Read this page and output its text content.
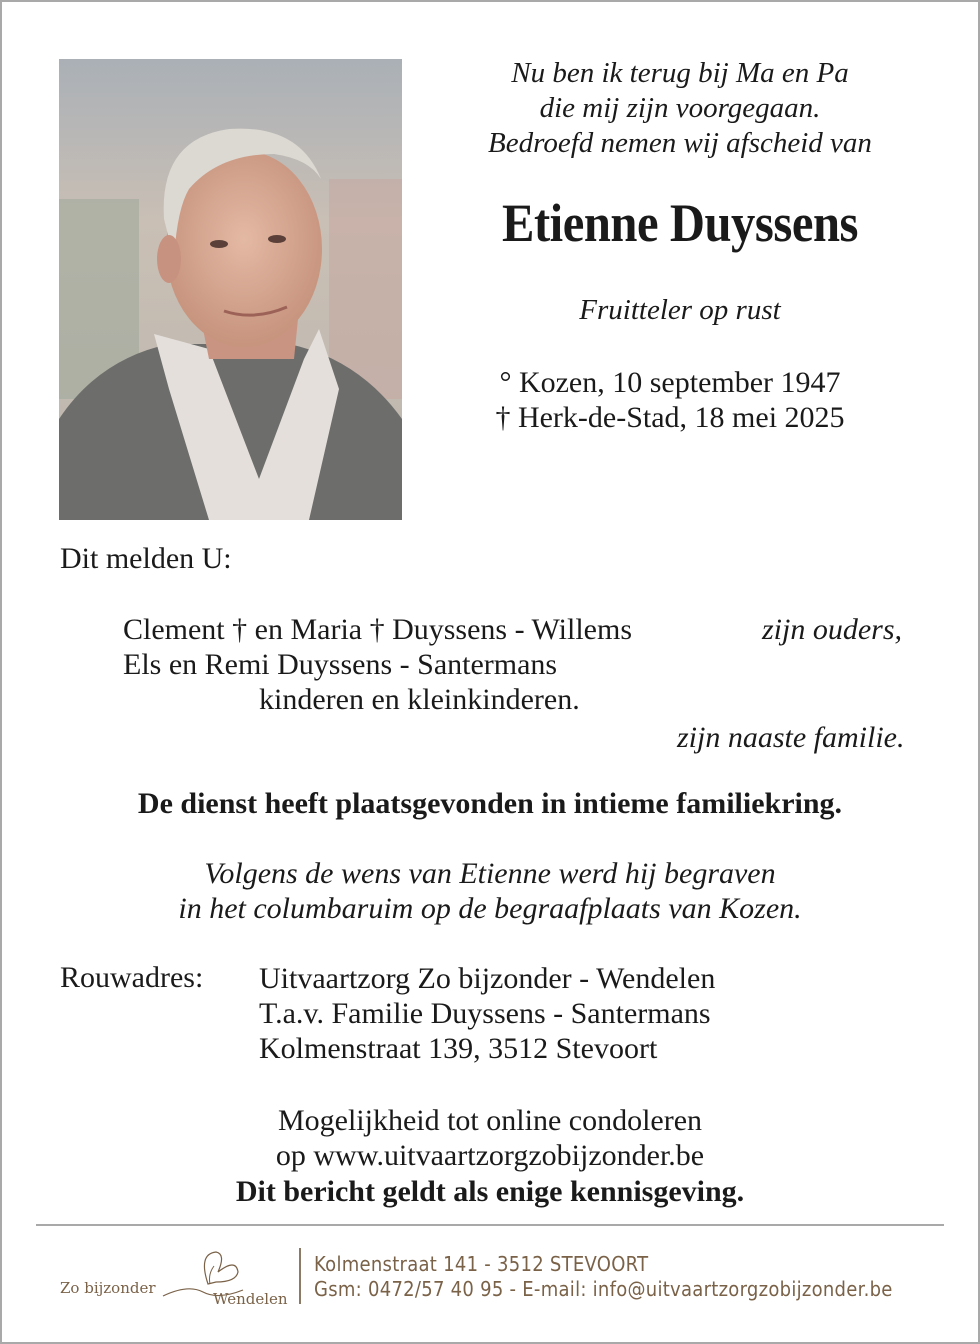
Nu ben ik terug bij Ma en Pa
die mij zijn voorgegaan.
Bedroefd nemen wij afscheid van
Etienne Duyssens
Fruitteler op rust
° Kozen, 10 september 1947
† Herk-de-Stad, 18 mei 2025
Dit melden U:
Clement † en Maria † Duyssens - Willems	zijn ouders,
Els en Remi Duyssens - Santermans
kinderen en kleinkinderen.
zijn naaste familie.
De dienst heeft plaatsgevonden in intieme familiekring.
Volgens de wens van Etienne werd hij begraven
in het columbaruim op de begraafplaats van Kozen.
Rouwadres: Uitvaartzorg Zo bijzonder - Wendelen
T.a.v. Familie Duyssens - Santermans
Kolmenstraat 139, 3512 Stevoort
Mogelijkheid tot online condoleren
op www.uitvaartzorgzobijzonder.be
Dit bericht geldt als enige kennisgeving.
Zo bijzonder
Wendelen
Kolmenstraat 141 - 3512 STEVOORT
Gsm: 0472/57 40 95 - E-mail: info@uitvaartzorgzobijzonder.be
